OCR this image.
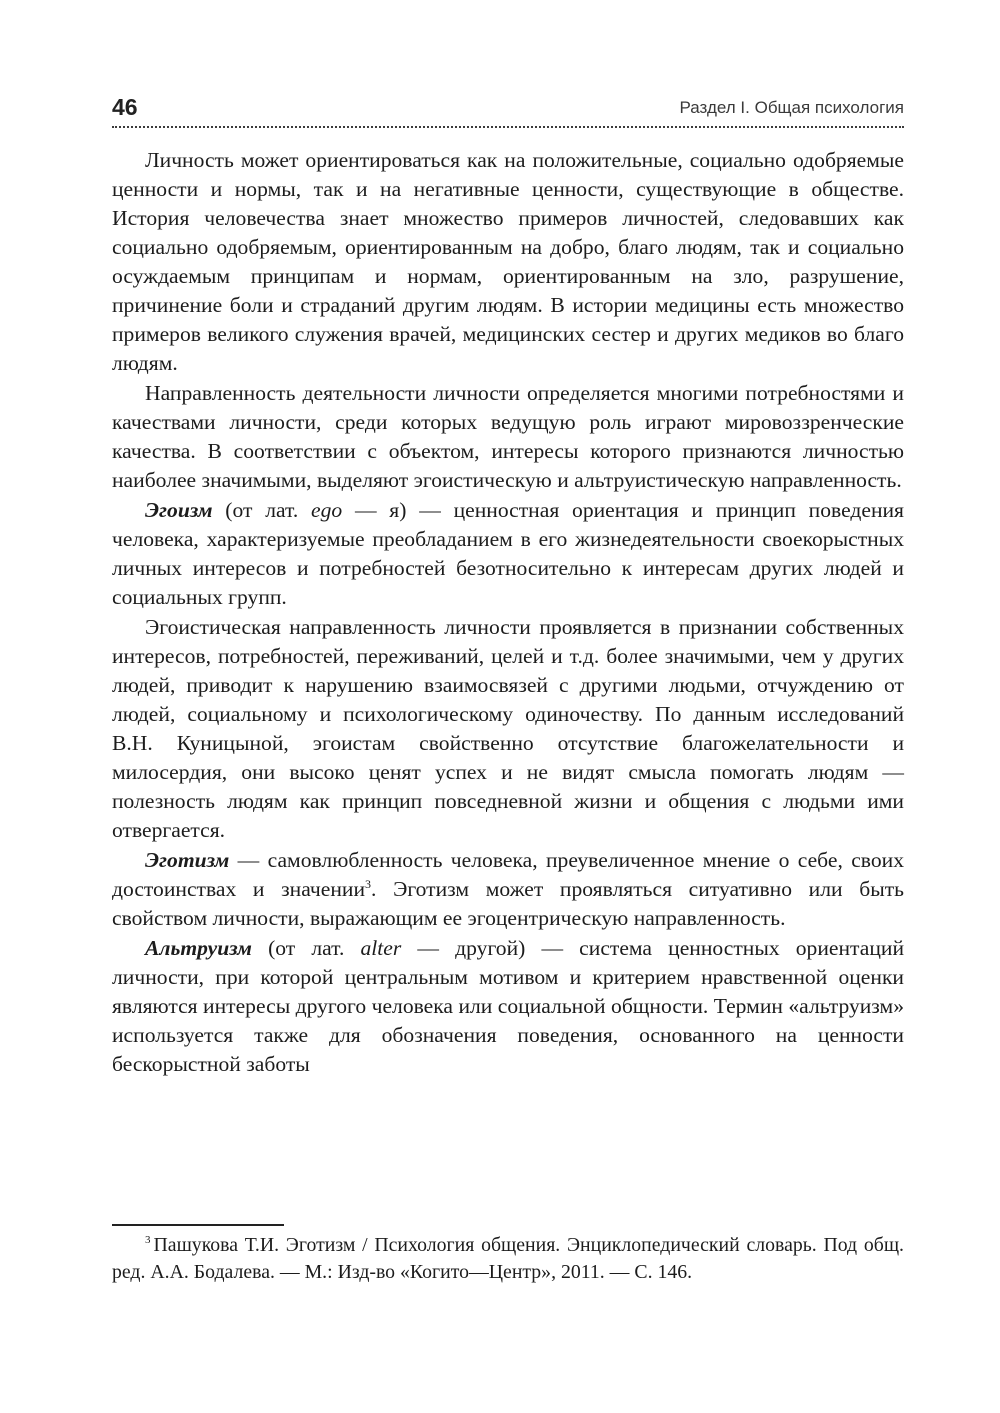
46	Раздел I. Общая психология

Личность может ориентироваться как на положительные, социально одобряемые ценности и нормы, так и на негативные ценности, существующие в обществе. История человечества знает множество примеров личностей, следовавших как социально одобряемым, ориентированным на добро, благо людям, так и социально осуждаемым принципам и нормам, ориентированным на зло, разрушение, причинение боли и страданий другим людям. В истории медицины есть множество примеров великого служения врачей, медицинских сестер и других медиков во благо людям.

Направленность деятельности личности определяется многими потребностями и качествами личности, среди которых ведущую роль играют мировоззренческие качества. В соответствии с объектом, интересы которого признаются личностью наиболее значимыми, выделяют эгоистическую и альтруистическую направленность.

Эгоизм (от лат. ego — я) — ценностная ориентация и принцип поведения человека, характеризуемые преобладанием в его жизнедеятельности своекорыстных личных интересов и потребностей безотносительно к интересам других людей и социальных групп.

Эгоистическая направленность личности проявляется в признании собственных интересов, потребностей, переживаний, целей и т.д. более значимыми, чем у других людей, приводит к нарушению взаимосвязей с другими людьми, отчуждению от людей, социальному и психологическому одиночеству. По данным исследований В.Н. Куницыной, эгоистам свойственно отсутствие благожелательности и милосердия, они высоко ценят успех и не видят смысла помогать людям — полезность людям как принцип повседневной жизни и общения с людьми ими отвергается.

Эготизм — самовлюбленность человека, преувеличенное мнение о себе, своих достоинствах и значении$^3$. Эготизм может проявляться ситуативно или быть свойством личности, выражающим ее эгоцентрическую направленность.

Альтруизм (от лат. alter — другой) — система ценностных ориентаций личности, при которой центральным мотивом и критерием нравственной оценки являются интересы другого человека или социальной общности. Термин «альтруизм» используется также для обозначения поведения, основанного на ценности бескорыстной заботы

$^3$ Пашукова Т.И. Эготизм / Психология общения. Энциклопедический словарь. Под общ. ред. А.А. Бодалева. — М.: Изд-во «Когито—Центр», 2011. — С. 146.
